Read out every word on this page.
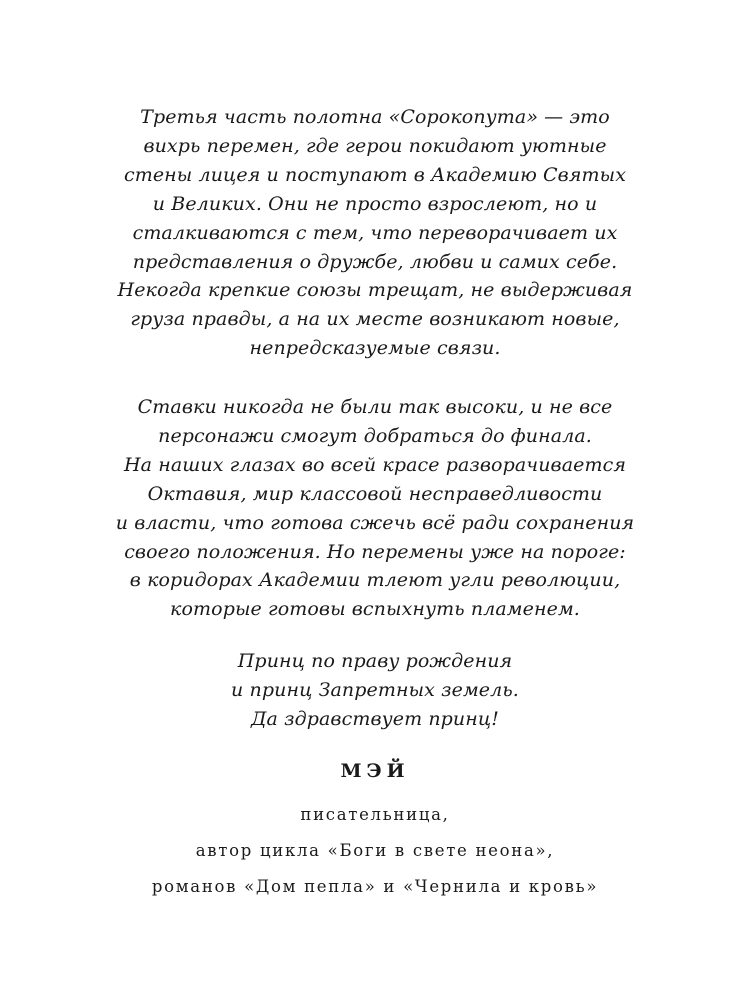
Третья часть полотна «Сорокопута» — это
вихрь перемен, где герои покидают уютные
стены лицея и поступают в Академию Святых
и Великих. Они не просто взрослеют, но и
сталкиваются с тем, что переворачивает их
представления о дружбе, любви и самих себе.
Некогда крепкие союзы трещат, не выдерживая
груза правды, а на их месте возникают новые,
непредсказуемые связи.
Ставки никогда не были так высоки, и не все
персонажи смогут добраться до финала.
На наших глазах во всей красе разворачивается
Октавия, мир классовой несправедливости
и власти, что готова сжечь всё ради сохранения
своего положения. Но перемены уже на пороге:
в коридорах Академии тлеют угли революции,
которые готовы вспыхнуть пламенем.
Принц по праву рождения
и принц Запретных земель.
Да здравствует принц!
МЭЙ
писательница,
автор цикла «Боги в свете неона»,
романов «Дом пепла» и «Чернила и кровь»
